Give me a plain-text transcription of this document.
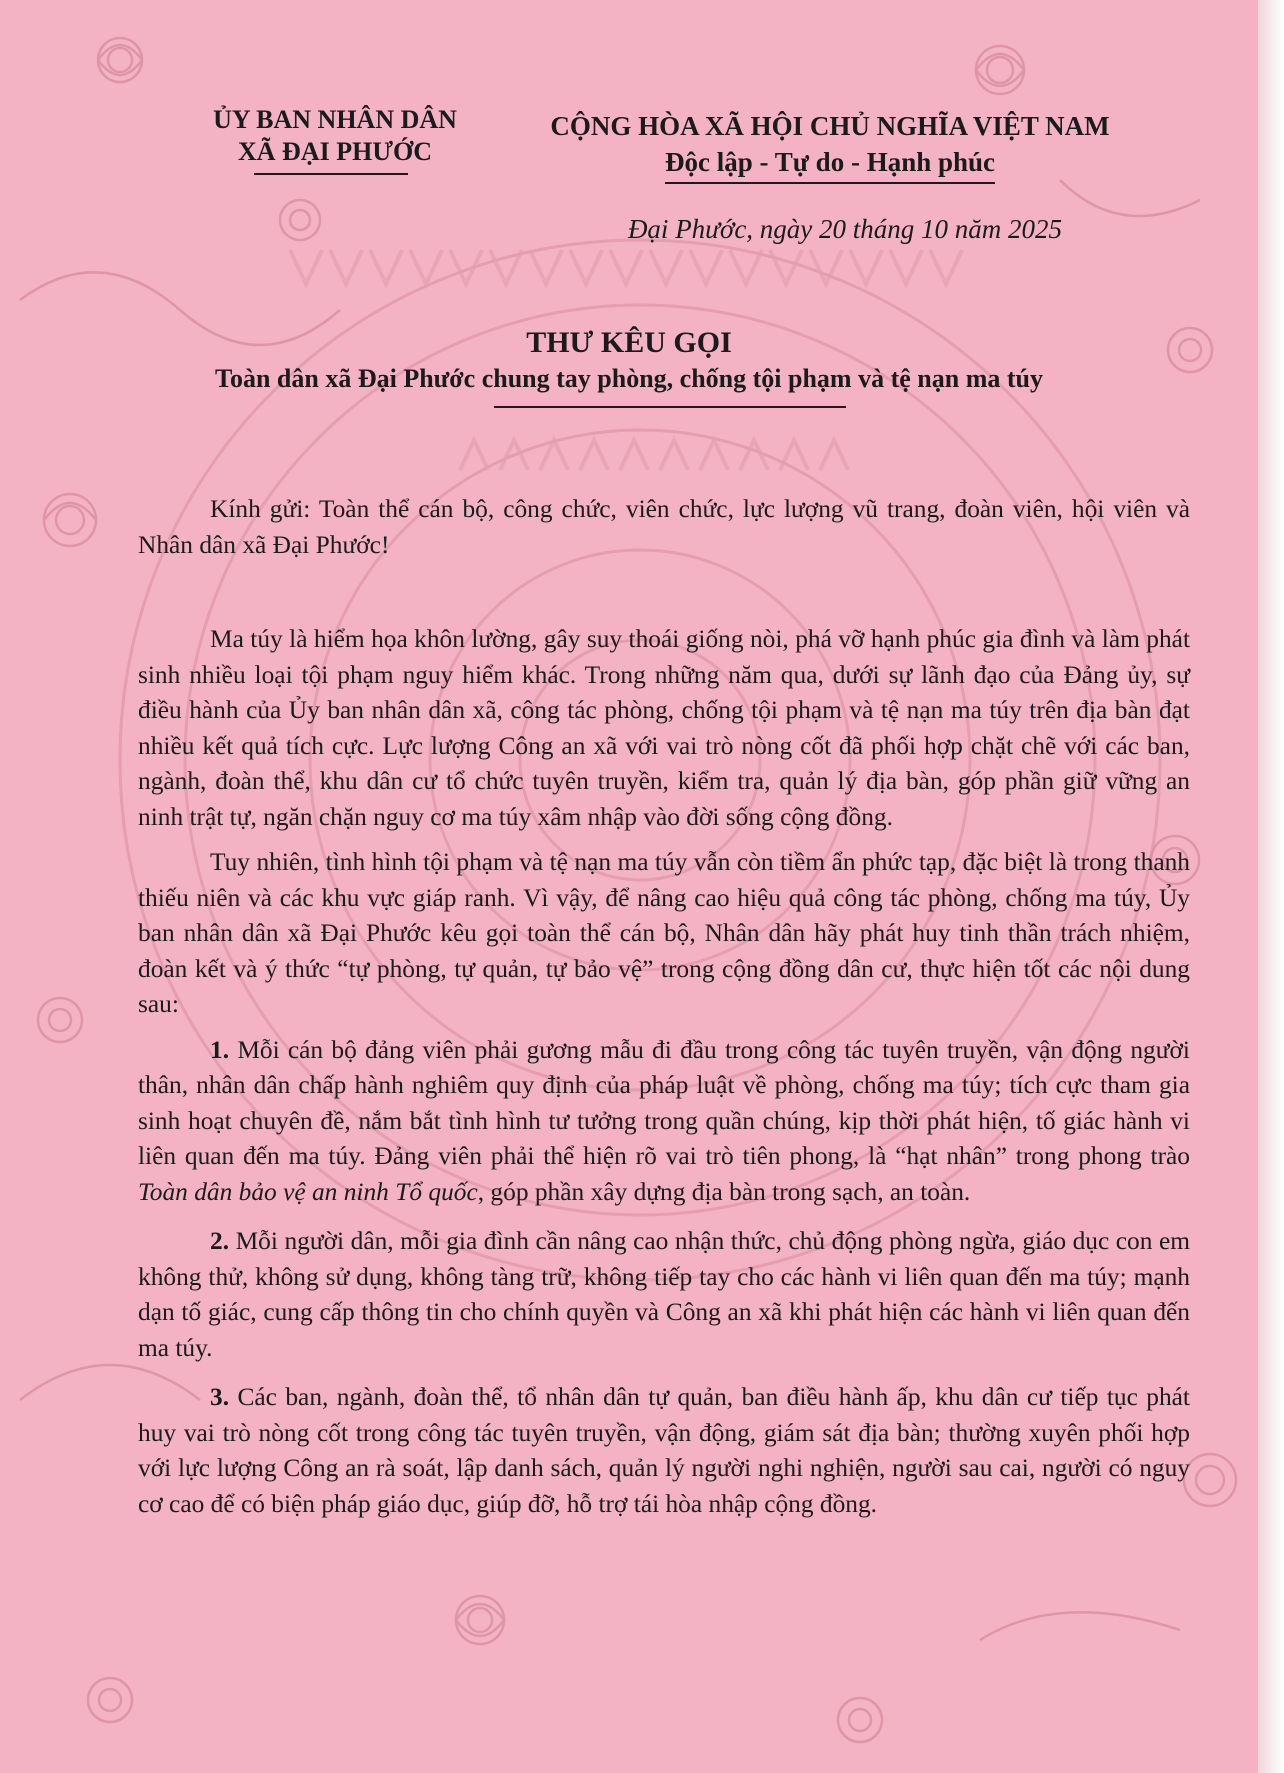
ỦY BAN NHÂN DÂN
XÃ ĐẠI PHƯỚC
CỘNG HÒA XÃ HỘI CHỦ NGHĨA VIỆT NAM
Độc lập - Tự do - Hạnh phúc
Đại Phước, ngày 20 tháng 10 năm 2025
THƯ KÊU GỌI
Toàn dân xã Đại Phước chung tay phòng, chống tội phạm và tệ nạn ma túy

Kính gửi: Toàn thể cán bộ, công chức, viên chức, lực lượng vũ trang, đoàn viên, hội viên và Nhân dân xã Đại Phước!

Ma túy là hiểm họa khôn lường, gây suy thoái giống nòi, phá vỡ hạnh phúc gia đình và làm phát sinh nhiều loại tội phạm nguy hiểm khác. Trong những năm qua, dưới sự lãnh đạo của Đảng ủy, sự điều hành của Ủy ban nhân dân xã, công tác phòng, chống tội phạm và tệ nạn ma túy trên địa bàn đạt nhiều kết quả tích cực. Lực lượng Công an xã với vai trò nòng cốt đã phối hợp chặt chẽ với các ban, ngành, đoàn thể, khu dân cư tổ chức tuyên truyền, kiểm tra, quản lý địa bàn, góp phần giữ vững an ninh trật tự, ngăn chặn nguy cơ ma túy xâm nhập vào đời sống cộng đồng.

Tuy nhiên, tình hình tội phạm và tệ nạn ma túy vẫn còn tiềm ẩn phức tạp, đặc biệt là trong thanh thiếu niên và các khu vực giáp ranh. Vì vậy, để nâng cao hiệu quả công tác phòng, chống ma túy, Ủy ban nhân dân xã Đại Phước kêu gọi toàn thể cán bộ, Nhân dân hãy phát huy tinh thần trách nhiệm, đoàn kết và ý thức “tự phòng, tự quản, tự bảo vệ” trong cộng đồng dân cư, thực hiện tốt các nội dung sau:

1. Mỗi cán bộ đảng viên phải gương mẫu đi đầu trong công tác tuyên truyền, vận động người thân, nhân dân chấp hành nghiêm quy định của pháp luật về phòng, chống ma túy; tích cực tham gia sinh hoạt chuyên đề, nắm bắt tình hình tư tưởng trong quần chúng, kịp thời phát hiện, tố giác hành vi liên quan đến ma túy. Đảng viên phải thể hiện rõ vai trò tiên phong, là “hạt nhân” trong phong trào Toàn dân bảo vệ an ninh Tổ quốc, góp phần xây dựng địa bàn trong sạch, an toàn.

2. Mỗi người dân, mỗi gia đình cần nâng cao nhận thức, chủ động phòng ngừa, giáo dục con em không thử, không sử dụng, không tàng trữ, không tiếp tay cho các hành vi liên quan đến ma túy; mạnh dạn tố giác, cung cấp thông tin cho chính quyền và Công an xã khi phát hiện các hành vi liên quan đến ma túy.

3. Các ban, ngành, đoàn thể, tổ nhân dân tự quản, ban điều hành ấp, khu dân cư tiếp tục phát huy vai trò nòng cốt trong công tác tuyên truyền, vận động, giám sát địa bàn; thường xuyên phối hợp với lực lượng Công an rà soát, lập danh sách, quản lý người nghi nghiện, người sau cai, người có nguy cơ cao để có biện pháp giáo dục, giúp đỡ, hỗ trợ tái hòa nhập cộng đồng.
